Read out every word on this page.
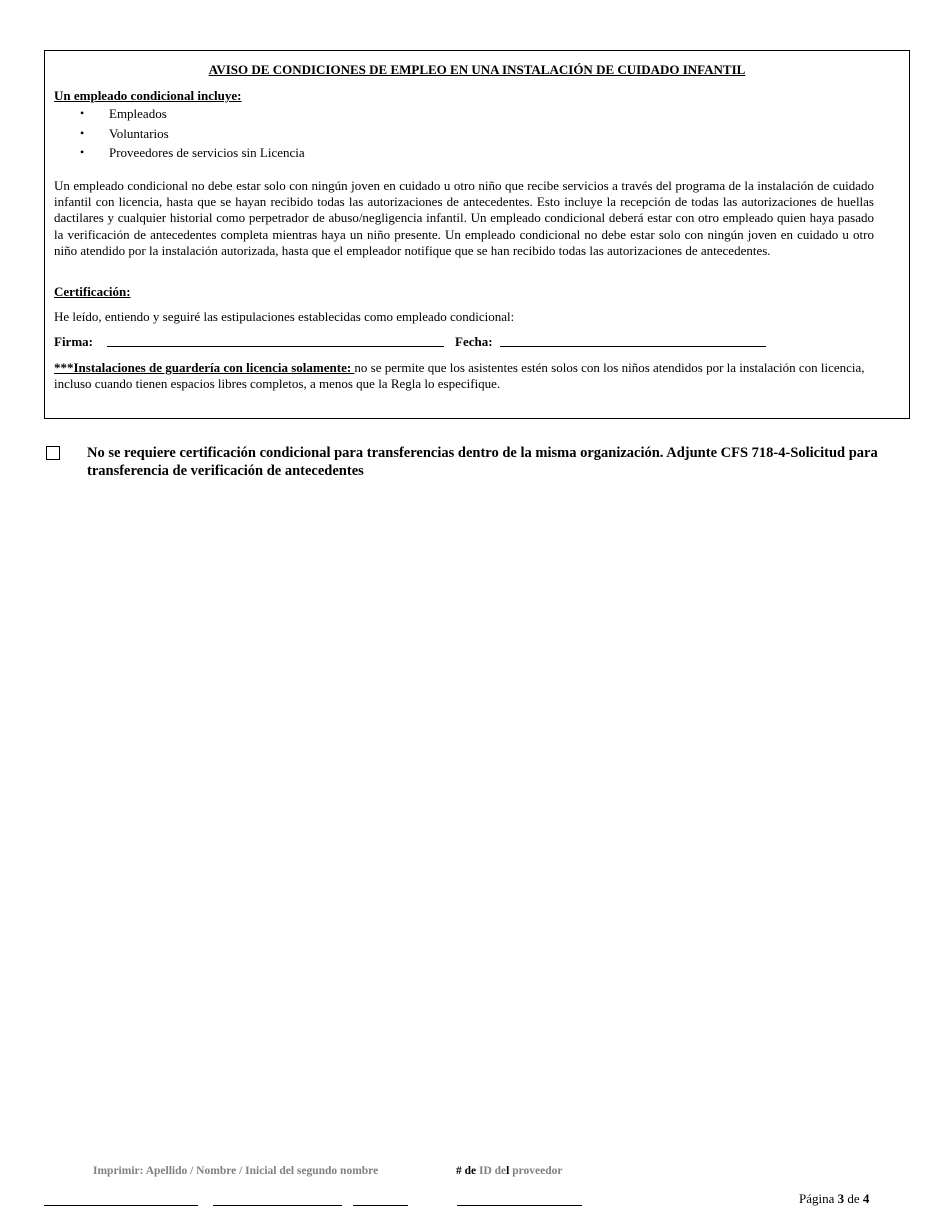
AVISO DE CONDICIONES DE EMPLEO EN UNA INSTALACIÓN DE CUIDADO INFANTIL
Un empleado condicional incluye:
• Empleados
• Voluntarios
• Proveedores de servicios sin Licencia
Un empleado condicional no debe estar solo con ningún joven en cuidado u otro niño que recibe servicios a través del programa de la instalación de cuidado infantil con licencia, hasta que se hayan recibido todas las autorizaciones de antecedentes. Esto incluye la recepción de todas las autorizaciones de huellas dactilares y cualquier historial como perpetrador de abuso/negligencia infantil. Un empleado condicional deberá estar con otro empleado quien haya pasado la verificación de antecedentes completa mientras haya un niño presente. Un empleado condicional no debe estar solo con ningún joven en cuidado u otro niño atendido por la instalación autorizada, hasta que el empleador notifique que se han recibido todas las autorizaciones de antecedentes.
Certificación:
He leído, entiendo y seguiré las estipulaciones establecidas como empleado condicional:
Firma:	Fecha:
***Instalaciones de guardería con licencia solamente: no se permite que los asistentes estén solos con los niños atendidos por la instalación con licencia, incluso cuando tienen espacios libres completos, a menos que la Regla lo especifique.
No se requiere certificación condicional para transferencias dentro de la misma organización. Adjunte CFS 718-4-Solicitud para transferencia de verificación de antecedentes
Imprimir: Apellido / Nombre / Inicial del segundo nombre	# de ID del proveedor
Página 3 de 4
